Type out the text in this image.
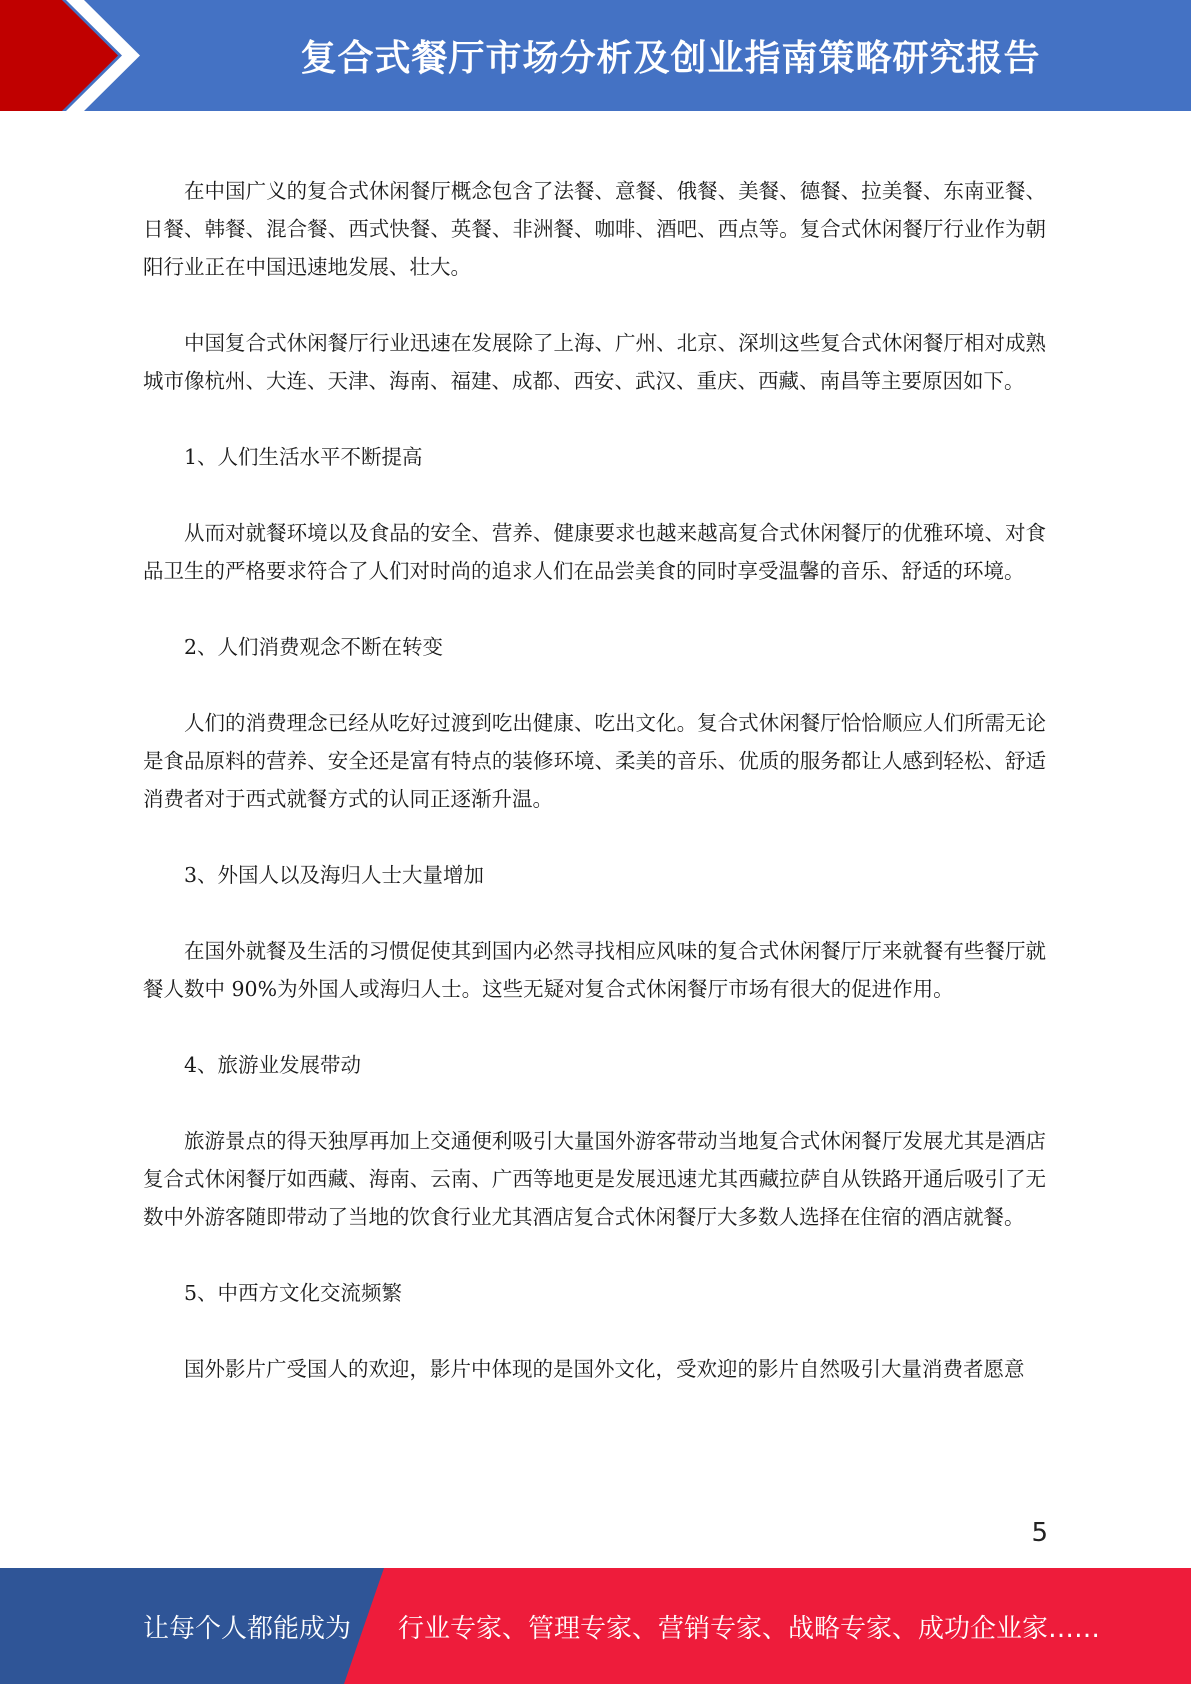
复合式餐厅市场分析及创业指南策略研究报告

在中国广义的复合式休闲餐厅概念包含了法餐、意餐、俄餐、美餐、德餐、拉美餐、东南亚餐、日餐、韩餐、混合餐、西式快餐、英餐、非洲餐、咖啡、酒吧、西点等。复合式休闲餐厅行业作为朝阳行业正在中国迅速地发展、壮大。

中国复合式休闲餐厅行业迅速在发展除了上海、广州、北京、深圳这些复合式休闲餐厅相对成熟城市像杭州、大连、天津、海南、福建、成都、西安、武汉、重庆、西藏、南昌等主要原因如下。

1、人们生活水平不断提高

从而对就餐环境以及食品的安全、营养、健康要求也越来越高复合式休闲餐厅的优雅环境、对食品卫生的严格要求符合了人们对时尚的追求人们在品尝美食的同时享受温馨的音乐、舒适的环境。

2、人们消费观念不断在转变

人们的消费理念已经从吃好过渡到吃出健康、吃出文化。复合式休闲餐厅恰恰顺应人们所需无论是食品原料的营养、安全还是富有特点的装修环境、柔美的音乐、优质的服务都让人感到轻松、舒适消费者对于西式就餐方式的认同正逐渐升温。

3、外国人以及海归人士大量增加

在国外就餐及生活的习惯促使其到国内必然寻找相应风味的复合式休闲餐厅厅来就餐有些餐厅就餐人数中 90%为外国人或海归人士。这些无疑对复合式休闲餐厅市场有很大的促进作用。

4、旅游业发展带动

旅游景点的得天独厚再加上交通便利吸引大量国外游客带动当地复合式休闲餐厅发展尤其是酒店复合式休闲餐厅如西藏、海南、云南、广西等地更是发展迅速尤其西藏拉萨自从铁路开通后吸引了无数中外游客随即带动了当地的饮食行业尤其酒店复合式休闲餐厅大多数人选择在住宿的酒店就餐。

5、中西方文化交流频繁

国外影片广受国人的欢迎，影片中体现的是国外文化，受欢迎的影片自然吸引大量消费者愿意

5
让每个人都能成为 行业专家、管理专家、营销专家、战略专家、成功企业家……
